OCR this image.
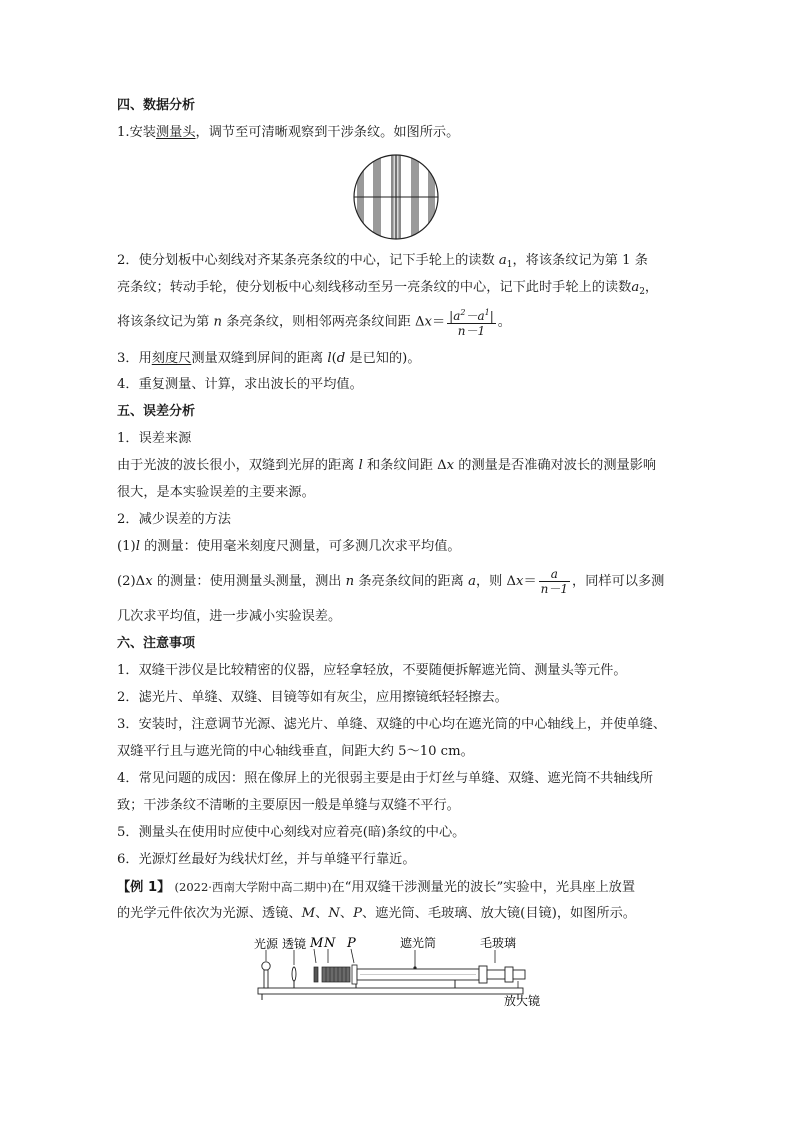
四、数据分析
1.安装测量头，调节至可清晰观察到干涉条纹。如图所示。
2．使分划板中心刻线对齐某条亮条纹的中心，记下手轮上的读数 $a_1$，将该条纹记为第 1 条
亮条纹；转动手轮，使分划板中心刻线移动至另一亮条纹的中心，记下此时手轮上的读数$a_2$，
将该条纹记为第 n 条亮条纹，则相邻两亮条纹间距 $\Delta x= \frac{|a^2-a^1|}{n-1}$ 。
3．用刻度尺测量双缝到屏间的距离 l(d 是已知的)。
4．重复测量、计算，求出波长的平均值。
五、误差分析
1．误差来源
由于光波的波长很小，双缝到光屏的距离 l 和条纹间距 Δx 的测量是否准确对波长的测量影响
很大，是本实验误差的主要来源。
2．减少误差的方法
(1)l 的测量：使用毫米刻度尺测量，可多测几次求平均值。
(2)Δx 的测量：使用测量头测量，测出 n 条亮条纹间的距离 a，则 $\Delta x= \frac{a}{n-1}$ ，同样可以多测
几次求平均值，进一步减小实验误差。
六、注意事项
1．双缝干涉仪是比较精密的仪器，应轻拿轻放，不要随便拆解遮光筒、测量头等元件。
2．滤光片、单缝、双缝、目镜等如有灰尘，应用擦镜纸轻轻擦去。
3．安装时，注意调节光源、滤光片、单缝、双缝的中心均在遮光筒的中心轴线上，并使单缝、
双缝平行且与遮光筒的中心轴线垂直，间距大约 5～10 cm。
4．常见问题的成因：照在像屏上的光很弱主要是由于灯丝与单缝、双缝、遮光筒不共轴线所
致；干涉条纹不清晰的主要原因一般是单缝与双缝不平行。
5．测量头在使用时应使中心刻线对应着亮(暗)条纹的中心。
6．光源灯丝最好为线状灯丝，并与单缝平行靠近。
【例 1】 (2022·西南大学附中高二期中)在“用双缝干涉测量光的波长”实验中，光具座上放置
的光学元件依次为光源、透镜、M、N、P、遮光筒、毛玻璃、放大镜(目镜)，如图所示。
光源 透镜 M N P	遮光筒	毛玻璃
放大镜
